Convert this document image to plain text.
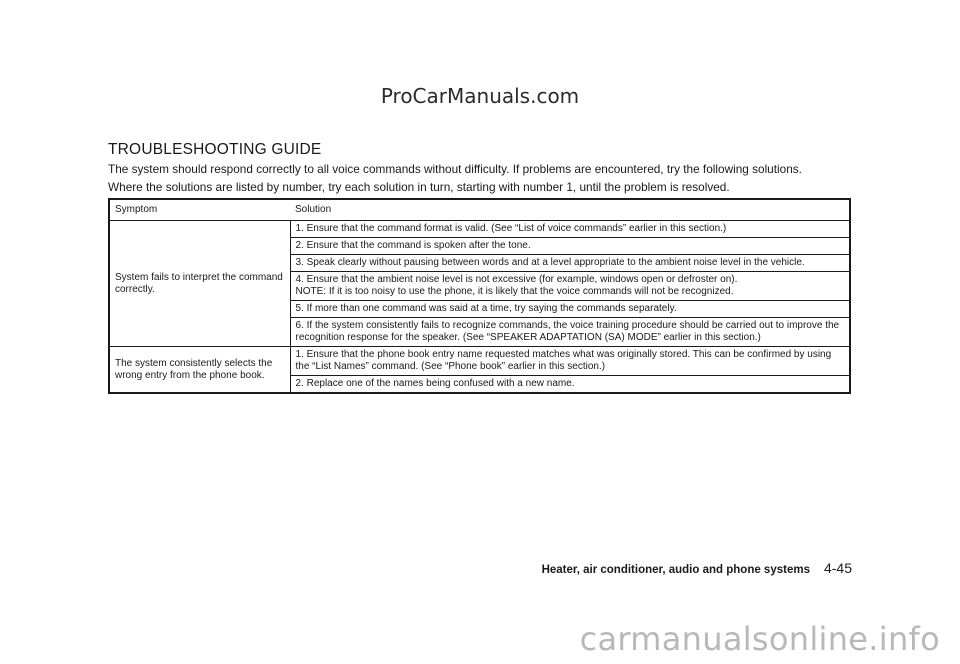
ProCarManuals.com
TROUBLESHOOTING GUIDE
The system should respond correctly to all voice commands without difficulty. If problems are encountered, try the following solutions.
Where the solutions are listed by number, try each solution in turn, starting with number 1, until the problem is resolved.
Symptom	Solution
System fails to interpret the command correctly.	1. Ensure that the command format is valid. (See “List of voice commands” earlier in this section.)
	2. Ensure that the command is spoken after the tone.
	3. Speak clearly without pausing between words and at a level appropriate to the ambient noise level in the vehicle.

	4. Ensure that the ambient noise level is not excessive (for example, windows open or defroster on).
NOTE: If it is too noisy to use the phone, it is likely that the voice commands will not be recognized.

	5. If more than one command was said at a time, try saying the commands separately.
	6. If the system consistently fails to recognize commands, the voice training procedure should be carried out to improve the recognition response for the speaker. (See “SPEAKER ADAPTATION (SA) MODE” earlier in this section.)
The system consistently selects the wrong entry from the phone book.	1. Ensure that the phone book entry name requested matches what was originally stored. This can be confirmed by using the “List Names” command. (See “Phone book” earlier in this section.)
	2. Replace one of the names being confused with a new name.
Heater, air conditioner, audio and phone systems 4-45
carmanualsonline.info
